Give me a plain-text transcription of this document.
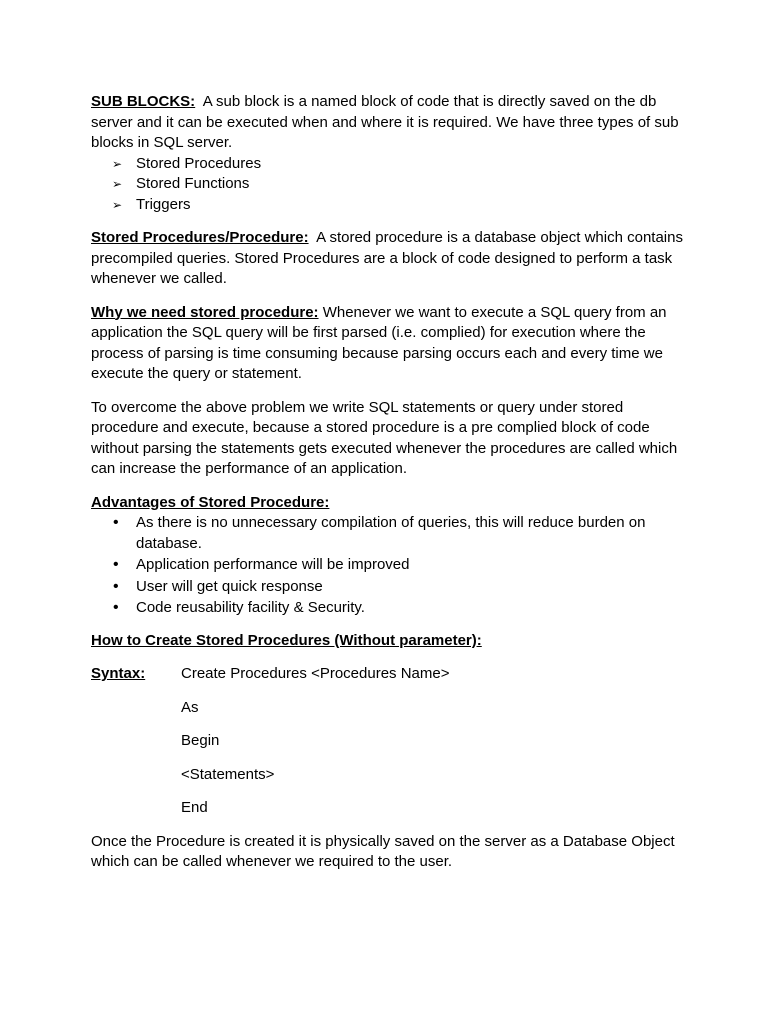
SUB BLOCKS: A sub block is a named block of code that is directly saved on the db server and it can be executed when and where it is required. We have three types of sub blocks in SQL server.

➢ Stored Procedures
➢ Stored Functions
➢ Triggers

Stored Procedures/Procedure: A stored procedure is a database object which contains precompiled queries. Stored Procedures are a block of code designed to perform a task whenever we called.

Why we need stored procedure: Whenever we want to execute a SQL query from an application the SQL query will be first parsed (i.e. complied) for execution where the process of parsing is time consuming because parsing occurs each and every time we execute the query or statement.

To overcome the above problem we write SQL statements or query under stored procedure and execute, because a stored procedure is a pre complied block of code without parsing the statements gets executed whenever the procedures are called which can increase the performance of an application.

Advantages of Stored Procedure:

• As there is no unnecessary compilation of queries, this will reduce burden on database.
• Application performance will be improved
• User will get quick response
• Code reusability facility & Security.

How to Create Stored Procedures (Without parameter):

Syntax:	Create Procedures <Procedures Name>

As

Begin

<Statements>

End

Once the Procedure is created it is physically saved on the server as a Database Object which can be called whenever we required to the user.
